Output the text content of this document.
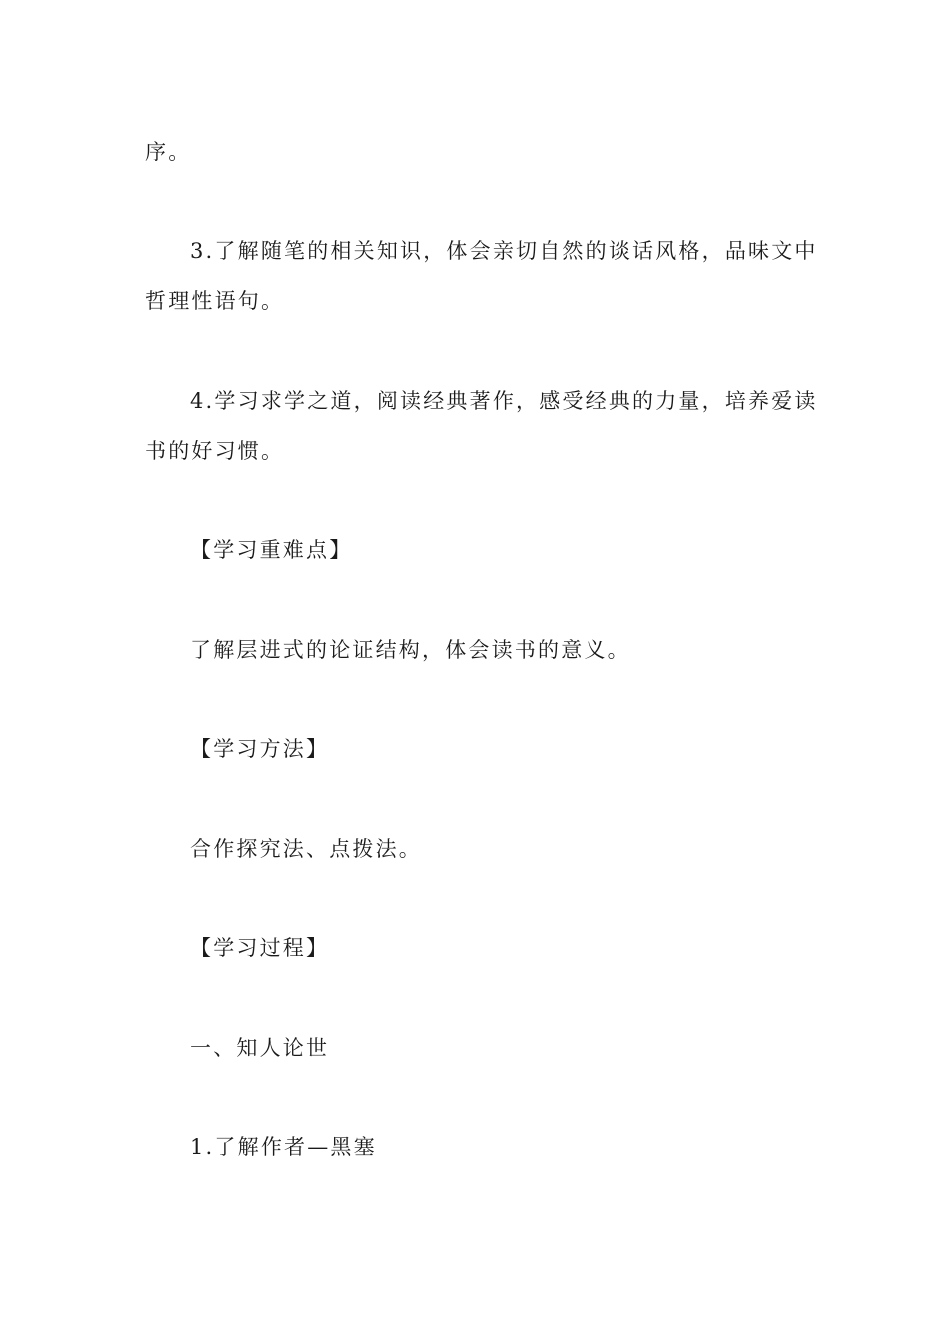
序。
3.了解随笔的相关知识，体会亲切自然的谈话风格，品味文中
哲理性语句。
4.学习求学之道，阅读经典著作，感受经典的力量，培养爱读
书的好习惯。
【学习重难点】
了解层进式的论证结构，体会读书的意义。
【学习方法】
合作探究法、点拨法。
【学习过程】
一、知人论世
1.了解作者—黑塞
